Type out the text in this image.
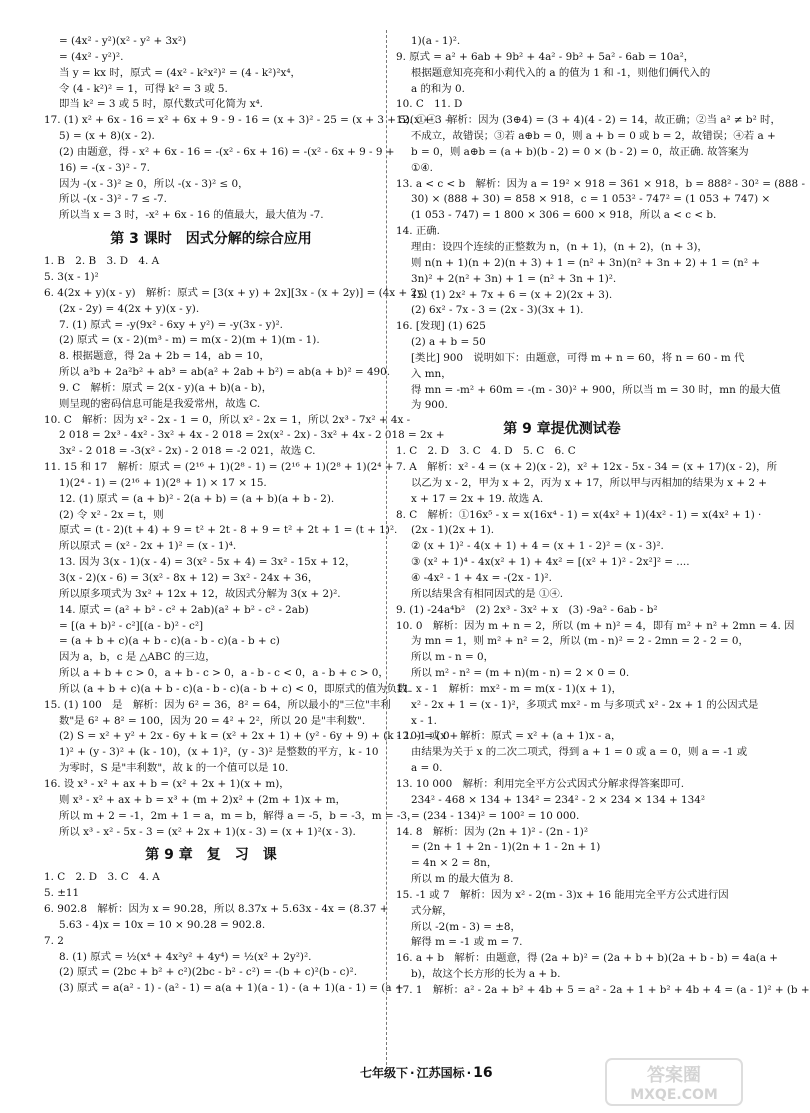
= (4x² - y²)(x² - y² + 3x²)

= (4x² - y²)².

当 y = kx 时，原式 = (4x² - k²x²)² = (4 - k²)²x⁴，

令 (4 - k²)² = 1，可得 k² = 3 或 5.

即当 k² = 3 或 5 时，原代数式可化简为 x⁴.

17. (1) x² + 6x - 16 = x² + 6x + 9 - 9 - 16 = (x + 3)² - 25 = (x + 3 + 5)(x + 3 -

5) = (x + 8)(x - 2).

(2) 由题意，得 - x² + 6x - 16 = -(x² - 6x + 16) = -(x² - 6x + 9 - 9 +

16) = -(x - 3)² - 7.

因为 -(x - 3)² ≥ 0，所以 -(x - 3)² ≤ 0，

所以 -(x - 3)² - 7 ≤ -7.

所以当 x = 3 时，-x² + 6x - 16 的值最大，最大值为 -7.

第 3 课时　因式分解的综合应用

1. B　2. B　3. D　4. A

5. 3(x - 1)²

6. 4(2x + y)(x - y)　解析：原式 = [3(x + y) + 2x][3x - (x + 2y)] = (4x + 2y) ·

(2x - 2y) = 4(2x + y)(x - y).

7. (1) 原式 = -y(9x² - 6xy + y²) = -y(3x - y)².

(2) 原式 = (x - 2)(m³ - m) = m(x - 2)(m + 1)(m - 1).

8. 根据题意，得 2a + 2b = 14，ab = 10，

所以 a³b + 2a²b² + ab³ = ab(a² + 2ab + b²) = ab(a + b)² = 490.

9. C　解析：原式 = 2(x - y)(a + b)(a - b)，

则呈现的密码信息可能是我爱常州，故选 C.

10. C　解析：因为 x² - 2x - 1 = 0，所以 x² - 2x = 1，所以 2x³ - 7x² + 4x -

2 018 = 2x³ - 4x² - 3x² + 4x - 2 018 = 2x(x² - 2x) - 3x² + 4x - 2 018 = 2x +

3x² - 2 018 = -3(x² - 2x) - 2 018 = -2 021，故选 C.

11. 15 和 17　解析：原式 = (2¹⁶ + 1)(2⁸ - 1) = (2¹⁶ + 1)(2⁸ + 1)(2⁴ +

1)(2⁴ - 1) = (2¹⁶ + 1)(2⁸ + 1) × 17 × 15.

12. (1) 原式 = (a + b)² - 2(a + b) = (a + b)(a + b - 2).

(2) 令 x² - 2x = t，则

原式 = (t - 2)(t + 4) + 9 = t² + 2t - 8 + 9 = t² + 2t + 1 = (t + 1)².

所以原式 = (x² - 2x + 1)² = (x - 1)⁴.

13. 因为 3(x - 1)(x - 4) = 3(x² - 5x + 4) = 3x² - 15x + 12，

3(x - 2)(x - 6) = 3(x² - 8x + 12) = 3x² - 24x + 36，

所以原多项式为 3x² + 12x + 12，故因式分解为 3(x + 2)².

14. 原式 = (a² + b² - c² + 2ab)(a² + b² - c² - 2ab)

= [(a + b)² - c²][(a - b)² - c²]

= (a + b + c)(a + b - c)(a - b - c)(a - b + c)

因为 a，b，c 是 △ABC 的三边，

所以 a + b + c > 0，a + b - c > 0，a - b - c < 0，a - b + c > 0，

所以 (a + b + c)(a + b - c)(a - b - c)(a - b + c) < 0，即原式的值为负数.

15. (1) 100　是　解析：因为 6² = 36，8² = 64，所以最小的"三位"丰利

数"是 6² + 8² = 100，因为 20 = 4² + 2²，所以 20 是"丰利数".

(2) S = x² + y² + 2x - 6y + k = (x² + 2x + 1) + (y² - 6y + 9) + (k - 10) = (x +

1)² + (y - 3)² + (k - 10)，(x + 1)²，(y - 3)² 是整数的平方，k - 10

为零时，S 是"丰利数"，故 k 的一个值可以是 10.

16. 设 x³ - x² + ax + b = (x² + 2x + 1)(x + m)，

则 x³ - x² + ax + b = x³ + (m + 2)x² + (2m + 1)x + m，

所以 m + 2 = -1，2m + 1 = a，m = b，解得 a = -5，b = -3，m = -3，

所以 x³ - x² - 5x - 3 = (x² + 2x + 1)(x - 3) = (x + 1)²(x - 3).

第 9 章　复　习　课

1. C　2. D　3. C　4. A

5. ±11

6. 902.8　解析：因为 x = 90.28，所以 8.37x + 5.63x - 4x = (8.37 +

5.63 - 4)x = 10x = 10 × 90.28 = 902.8.

7. 2

8. (1) 原式 = ½(x⁴ + 4x²y² + 4y⁴) = ½(x² + 2y²)².

(2) 原式 = (2bc + b² + c²)(2bc - b² - c²) = -(b + c)²(b - c)².

(3) 原式 = a(a² - 1) - (a² - 1) = a(a + 1)(a - 1) - (a + 1)(a - 1) = (a +

1)(a - 1)².

9. 原式 = a² + 6ab + 9b² + 4a² - 9b² + 5a² - 6ab = 10a²，

根据题意知亮亮和小莉代入的 a 的值为 1 和 -1，则他们俩代入的

a 的和为 0.

10. C　11. D

12. ①④　解析：因为 (3⊕4) = (3 + 4)(4 - 2) = 14，故正确；②当 a² ≠ b² 时，

不成立，故错误；③若 a⊕b = 0，则 a + b = 0 或 b = 2，故错误；④若 a +

b = 0，则 a⊕b = (a + b)(b - 2) = 0 × (b - 2) = 0，故正确. 故答案为

①④.

13. a < c < b　解析：因为 a = 19² × 918 = 361 × 918，b = 888² - 30² = (888 -

30) × (888 + 30) = 858 × 918，c = 1 053² - 747² = (1 053 + 747) ×

(1 053 - 747) = 1 800 × 306 = 600 × 918，所以 a < c < b.

14. 正确.

理由：设四个连续的正整数为 n，(n + 1)，(n + 2)，(n + 3)，

则 n(n + 1)(n + 2)(n + 3) + 1 = (n² + 3n)(n² + 3n + 2) + 1 = (n² +

3n)² + 2(n² + 3n) + 1 = (n² + 3n + 1)².

15. (1) 2x² + 7x + 6 = (x + 2)(2x + 3).

(2) 6x² - 7x - 3 = (2x - 3)(3x + 1).

16. [发现] (1) 625

(2) a + b = 50

[类比] 900　说明如下：由题意，可得 m + n = 60，将 n = 60 - m 代

入 mn，

得 mn = -m² + 60m = -(m - 30)² + 900，所以当 m = 30 时，mn 的最大值

为 900.

第 9 章提优测试卷

1. C　2. D　3. C　4. D　5. C　6. C

7. A　解析：x² - 4 = (x + 2)(x - 2)，x² + 12x - 5x - 34 = (x + 17)(x - 2)，所

以乙为 x - 2，甲为 x + 2，丙为 x + 17，所以甲与丙相加的结果为 x + 2 +

x + 17 = 2x + 19. 故选 A.

8. C　解析：①16x⁵ - x = x(16x⁴ - 1) = x(4x² + 1)(4x² - 1) = x(4x² + 1) ·

(2x - 1)(2x + 1).

② (x + 1)² - 4(x + 1) + 4 = (x + 1 - 2)² = (x - 3)².

③ (x² + 1)⁴ - 4x(x² + 1) + 4x² = [(x² + 1)² - 2x²]² = ....

④ -4x² - 1 + 4x = -(2x - 1)².

所以结果含有相同因式的是 ①④.

9. (1) -24a⁴b²　(2) 2x³ - 3x² + x　(3) -9a² - 6ab - b²

10. 0　解析：因为 m + n = 2，所以 (m + n)² = 4，即有 m² + n² + 2mn = 4. 因

为 mn = 1，则 m² + n² = 2，所以 (m - n)² = 2 - 2mn = 2 - 2 = 0，

所以 m - n = 0，

所以 m² - n² = (m + n)(m - n) = 2 × 0 = 0.

11. x - 1　解析：mx² - m = m(x - 1)(x + 1)，

x² - 2x + 1 = (x - 1)²，多项式 mx² - m 与多项式 x² - 2x + 1 的公因式是

x - 1.

12. -1 或 0　解析：原式 = x² + (a + 1)x - a，

由结果为关于 x 的二次二项式，得到 a + 1 = 0 或 a = 0，则 a = -1 或

a = 0.

13. 10 000　解析：利用完全平方公式因式分解求得答案即可.

234² - 468 × 134 + 134² = 234² - 2 × 234 × 134 + 134²

= (234 - 134)² = 100² = 10 000.

14. 8　解析：因为 (2n + 1)² - (2n - 1)²

= (2n + 1 + 2n - 1)(2n + 1 - 2n + 1)

= 4n × 2 = 8n，

所以 m 的最大值为 8.

15. -1 或 7　解析：因为 x² - 2(m - 3)x + 16 能用完全平方公式进行因

式分解，

所以 -2(m - 3) = ±8，

解得 m = -1 或 m = 7.

16. a + b　解析：由题意，得 (2a + b)² = (2a + b + b)(2a + b - b) = 4a(a +

b)，故这个长方形的长为 a + b.

17. 1　解析：a² - 2a + b² + 4b + 5 = a² - 2a + 1 + b² + 4b + 4 = (a - 1)² + (b +

七年级下 · 江苏国标 · 16	答案圈
MXQE.COM
